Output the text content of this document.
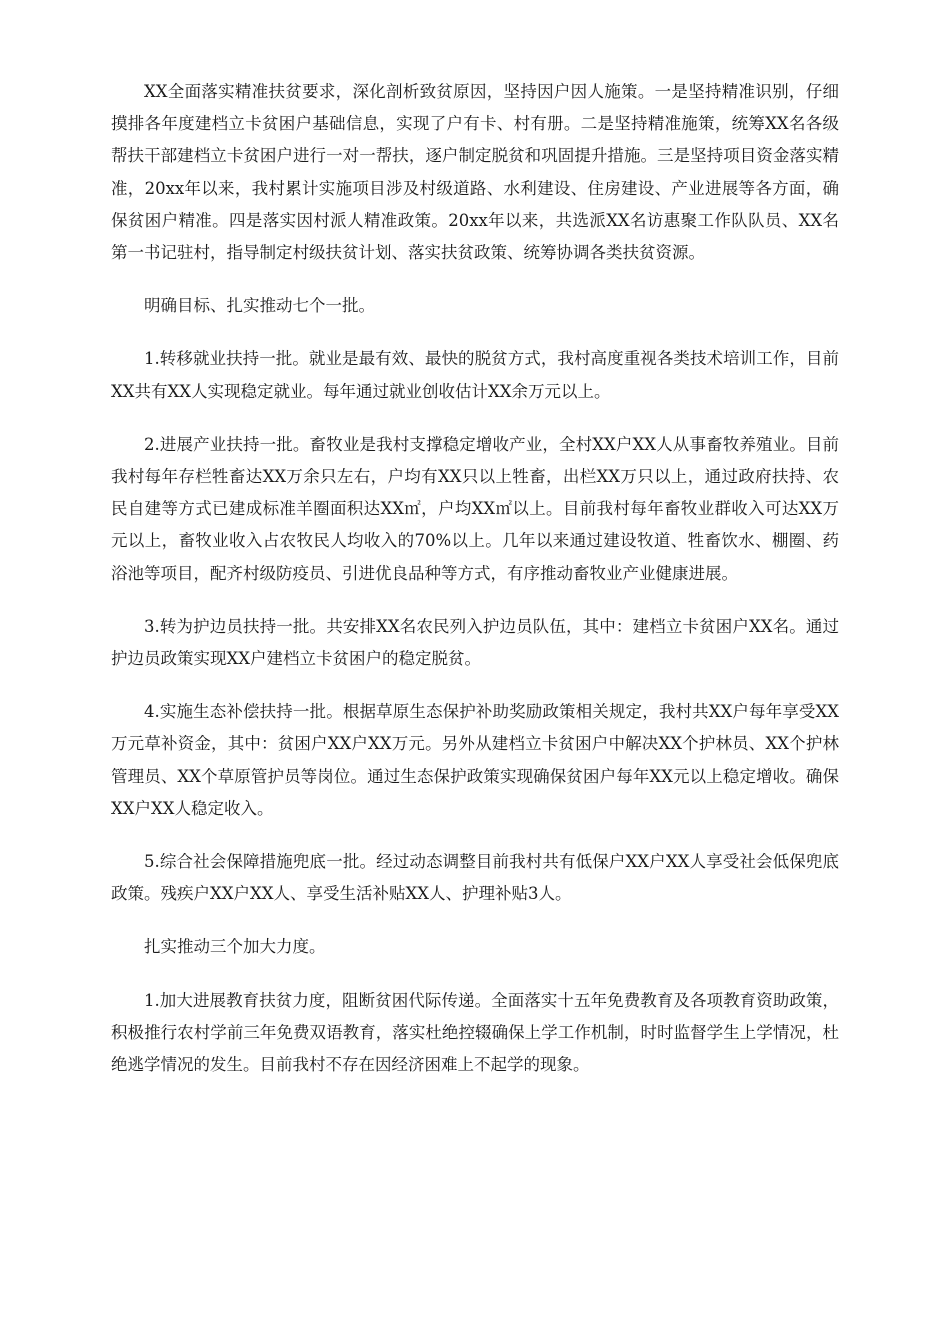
XX全面落实精准扶贫要求，深化剖析致贫原因，坚持因户因人施策。一是坚持精准识别，仔细摸排各年度建档立卡贫困户基础信息，实现了户有卡、村有册。二是坚持精准施策，统筹XX名各级帮扶干部建档立卡贫困户进行一对一帮扶，逐户制定脱贫和巩固提升措施。三是坚持项目资金落实精准，20xx年以来，我村累计实施项目涉及村级道路、水利建设、住房建设、产业进展等各方面，确保贫困户精准。四是落实因村派人精准政策。20xx年以来，共选派XX名访惠聚工作队队员、XX名第一书记驻村，指导制定村级扶贫计划、落实扶贫政策、统筹协调各类扶贫资源。

明确目标、扎实推动七个一批。

1.转移就业扶持一批。就业是最有效、最快的脱贫方式，我村高度重视各类技术培训工作，目前XX共有XX人实现稳定就业。每年通过就业创收估计XX余万元以上。

2.进展产业扶持一批。畜牧业是我村支撑稳定增收产业，全村XX户XX人从事畜牧养殖业。目前我村每年存栏牲畜达XX万余只左右，户均有XX只以上牲畜，出栏XX万只以上，通过政府扶持、农民自建等方式已建成标准羊圈面积达XX㎡，户均XX㎡以上。目前我村每年畜牧业群收入可达XX万元以上，畜牧业收入占农牧民人均收入的70%以上。几年以来通过建设牧道、牲畜饮水、棚圈、药浴池等项目，配齐村级防疫员、引进优良品种等方式，有序推动畜牧业产业健康进展。

3.转为护边员扶持一批。共安排XX名农民列入护边员队伍，其中：建档立卡贫困户XX名。通过护边员政策实现XX户建档立卡贫困户的稳定脱贫。

4.实施生态补偿扶持一批。根据草原生态保护补助奖励政策相关规定，我村共XX户每年享受XX万元草补资金，其中：贫困户XX户XX万元。另外从建档立卡贫困户中解决XX个护林员、XX个护林管理员、XX个草原管护员等岗位。通过生态保护政策实现确保贫困户每年XX元以上稳定增收。确保XX户XX人稳定收入。

5.综合社会保障措施兜底一批。经过动态调整目前我村共有低保户XX户XX人享受社会低保兜底政策。残疾户XX户XX人、享受生活补贴XX人、护理补贴3人。

扎实推动三个加大力度。

1.加大进展教育扶贫力度，阻断贫困代际传递。全面落实十五年免费教育及各项教育资助政策，积极推行农村学前三年免费双语教育，落实杜绝控辍确保上学工作机制，时时监督学生上学情况，杜绝逃学情况的发生。目前我村不存在因经济困难上不起学的现象。
